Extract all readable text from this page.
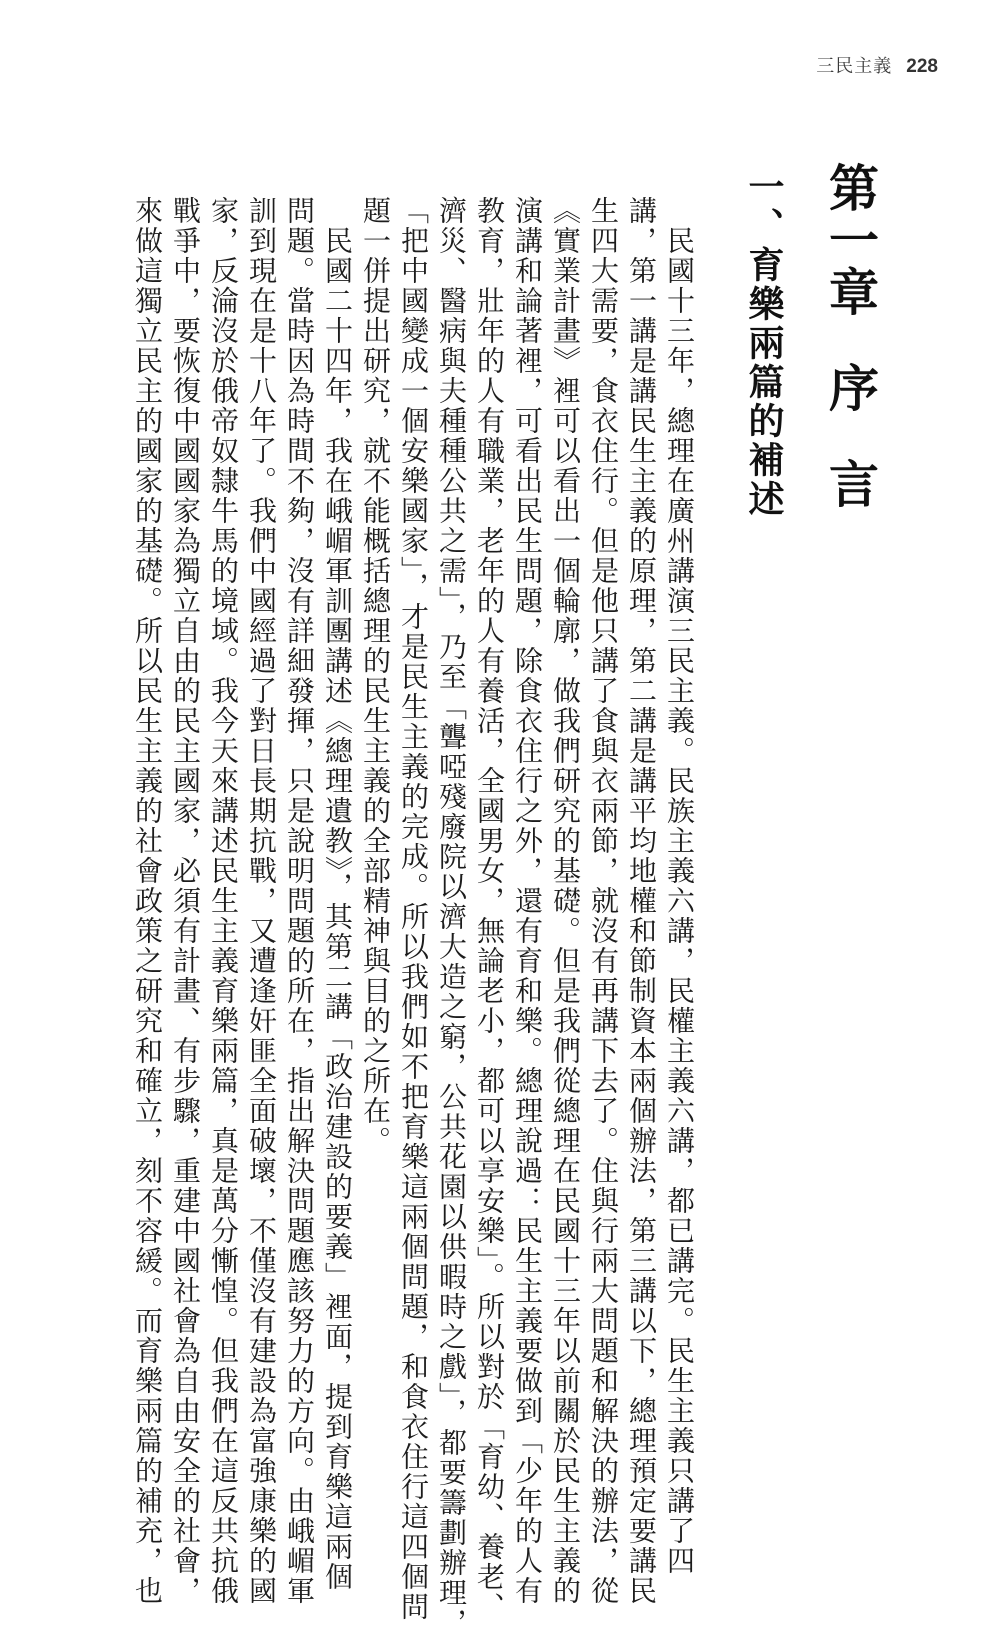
三民主義 228
第一章
序言
一、育樂兩篇的補述

民國十三年，總理在廣州講演三民主義。民族主義六講，民權主義六講，都已講完。民生主義只講了四

講，第一講是講民生主義的原理，第二講是講平均地權和節制資本兩個辦法，第三講以下，總理預定要講民

生四大需要，食衣住行。但是他只講了食與衣兩節，就沒有再講下去了。住與行兩大問題和解決的辦法，從

《實業計畫》裡可以看出一個輪廓，做我們研究的基礎。但是我們從總理在民國十三年以前關於民生主義的

演講和論著裡，可看出民生問題，除食衣住行之外，還有育和樂。總理說過：民生主義要做到「少年的人有

教育，壯年的人有職業，老年的人有養活，全國男女，無論老小，都可以享安樂」。所以對於「育幼、養老、

濟災、醫病與夫種種公共之需」，乃至「聾啞殘廢院以濟大造之窮，公共花園以供暇時之戲」，都要籌劃辦理，

「把中國變成一個安樂國家」，才是民生主義的完成。所以我們如不把育樂這兩個問題，和食衣住行這四個問

題一併提出研究，就不能概括總理的民生主義的全部精神與目的之所在。

民國二十四年，我在峨嵋軍訓團講述《總理遺教》，其第二講「政治建設的要義」裡面，提到育樂這兩個

問題。當時因為時間不夠，沒有詳細發揮，只是說明問題的所在，指出解決問題應該努力的方向。由峨嵋軍

訓到現在是十八年了。我們中國經過了對日長期抗戰，又遭逢奸匪全面破壞，不僅沒有建設為富強康樂的國

家，反淪沒於俄帝奴隸牛馬的境域。我今天來講述民生主義育樂兩篇，真是萬分慚惶。但我們在這反共抗俄

戰爭中，要恢復中國國家為獨立自由的民主國家，必須有計畫、有步驟，重建中國社會為自由安全的社會，

來做這獨立民主的國家的基礎。所以民生主義的社會政策之研究和確立，刻不容緩。而育樂兩篇的補充，也
